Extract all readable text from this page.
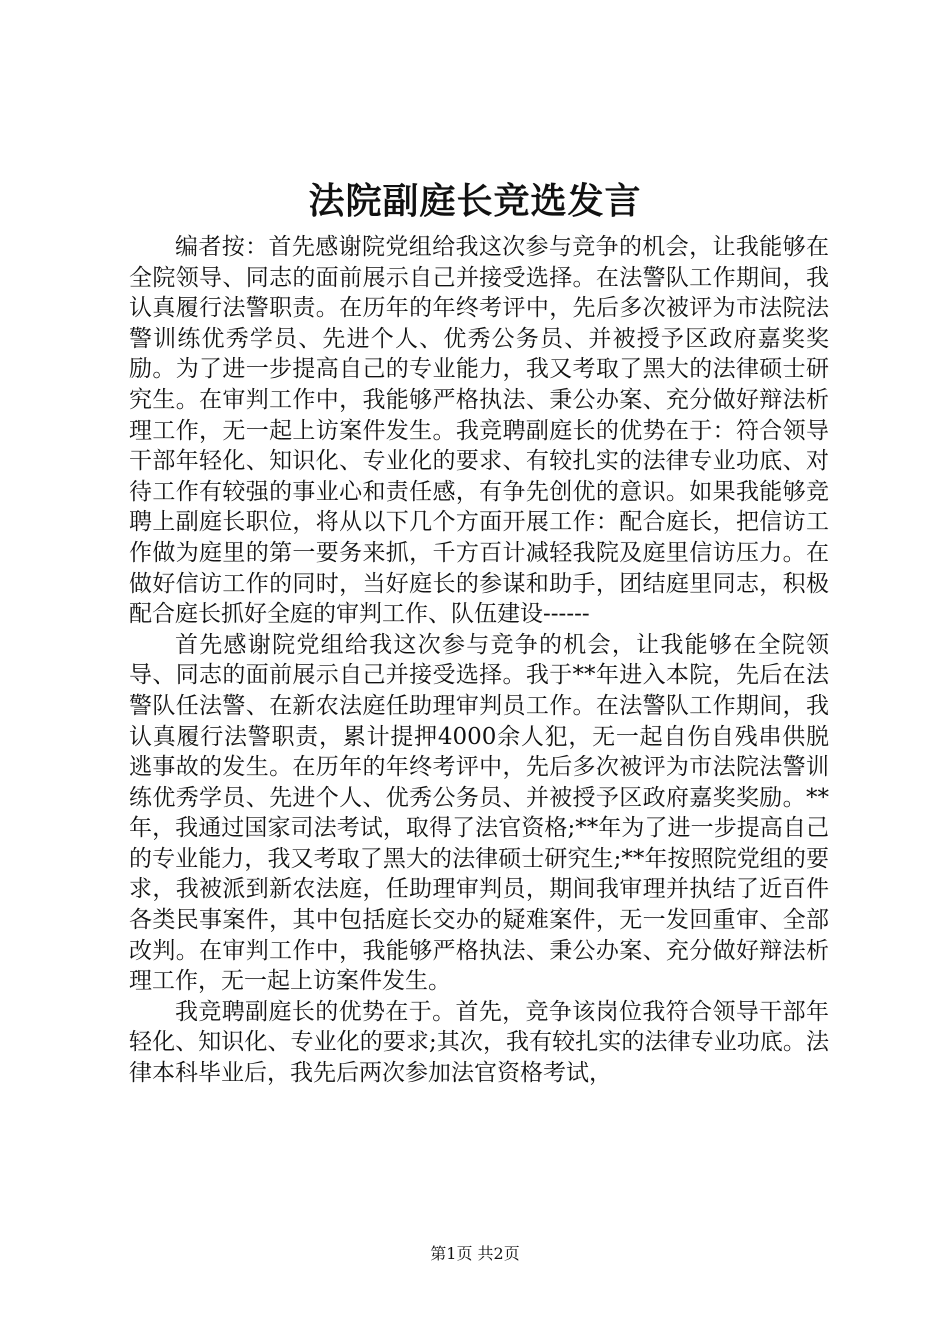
法院副庭长竞选发言

编者按：首先感谢院党组给我这次参与竞争的机会，让我能够在全院领导、同志的面前展示自己并接受选择。在法警队工作期间，我认真履行法警职责。在历年的年终考评中，先后多次被评为市法院法警训练优秀学员、先进个人、优秀公务员、并被授予区政府嘉奖奖励。为了进一步提高自己的专业能力，我又考取了黑大的法律硕士研究生。在审判工作中，我能够严格执法、秉公办案、充分做好辩法析理工作，无一起上访案件发生。我竞聘副庭长的优势在于：符合领导干部年轻化、知识化、专业化的要求、有较扎实的法律专业功底、对待工作有较强的事业心和责任感，有争先创优的意识。如果我能够竞聘上副庭长职位，将从以下几个方面开展工作：配合庭长，把信访工作做为庭里的第一要务来抓，千方百计减轻我院及庭里信访压力。在做好信访工作的同时，当好庭长的参谋和助手，团结庭里同志，积极配合庭长抓好全庭的审判工作、队伍建设------

首先感谢院党组给我这次参与竞争的机会，让我能够在全院领导、同志的面前展示自己并接受选择。我于**年进入本院，先后在法警队任法警、在新农法庭任助理审判员工作。在法警队工作期间，我认真履行法警职责，累计提押4000余人犯，无一起自伤自残串供脱逃事故的发生。在历年的年终考评中，先后多次被评为市法院法警训练优秀学员、先进个人、优秀公务员、并被授予区政府嘉奖奖励。**年，我通过国家司法考试，取得了法官资格;**年为了进一步提高自己的专业能力，我又考取了黑大的法律硕士研究生;**年按照院党组的要求，我被派到新农法庭，任助理审判员，期间我审理并执结了近百件各类民事案件，其中包括庭长交办的疑难案件，无一发回重审、全部改判。在审判工作中，我能够严格执法、秉公办案、充分做好辩法析理工作，无一起上访案件发生。

我竞聘副庭长的优势在于。首先，竞争该岗位我符合领导干部年轻化、知识化、专业化的要求;其次，我有较扎实的法律专业功底。法律本科毕业后，我先后两次参加法官资格考试，

第1页 共2页
